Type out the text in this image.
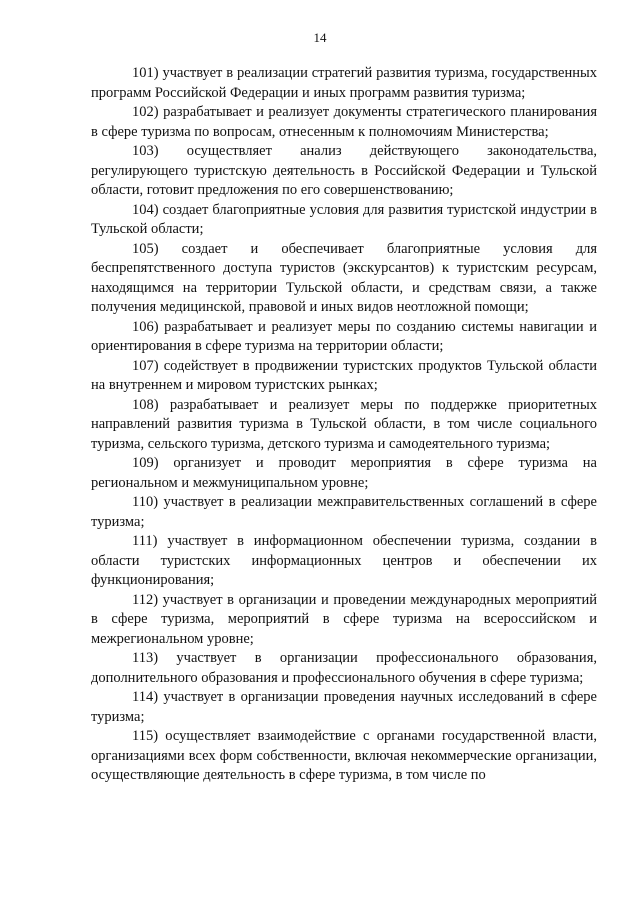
14

101) участвует в реализации стратегий развития туризма, государственных программ Российской Федерации и иных программ развития туризма;

102) разрабатывает и реализует документы стратегического планирования в сфере туризма по вопросам, отнесенным к полномочиям Министерства;

103) осуществляет анализ действующего законодательства, регулирующего туристскую деятельность в Российской Федерации и Тульской области, готовит предложения по его совершенствованию;

104) создает благоприятные условия для развития туристской индустрии в Тульской области;

105) создает и обеспечивает благоприятные условия для беспрепятственного доступа туристов (экскурсантов) к туристским ресурсам, находящимся на территории Тульской области, и средствам связи, а также получения медицинской, правовой и иных видов неотложной помощи;

106) разрабатывает и реализует меры по созданию системы навигации и ориентирования в сфере туризма на территории области;

107) содействует в продвижении туристских продуктов Тульской области на внутреннем и мировом туристских рынках;

108) разрабатывает и реализует меры по поддержке приоритетных направлений развития туризма в Тульской области, в том числе социального туризма, сельского туризма, детского туризма и самодеятельного туризма;

109) организует и проводит мероприятия в сфере туризма на региональном и межмуниципальном уровне;

110) участвует в реализации межправительственных соглашений в сфере туризма;

111) участвует в информационном обеспечении туризма, создании в области туристских информационных центров и обеспечении их функционирования;

112) участвует в организации и проведении международных мероприятий в сфере туризма, мероприятий в сфере туризма на всероссийском и межрегиональном уровне;

113) участвует в организации профессионального образования, дополнительного образования и профессионального обучения в сфере туризма;

114) участвует в организации проведения научных исследований в сфере туризма;

115) осуществляет взаимодействие с органами государственной власти, организациями всех форм собственности, включая некоммерческие организации, осуществляющие деятельность в сфере туризма, в том числе по
